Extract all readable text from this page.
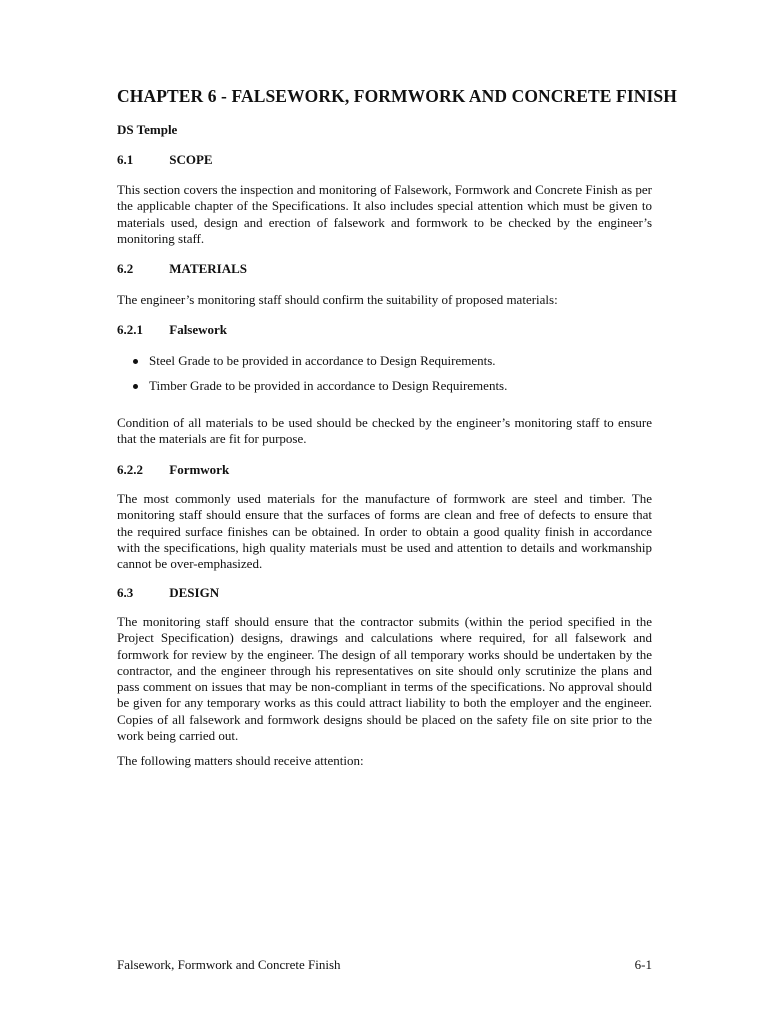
CHAPTER 6 - FALSEWORK, FORMWORK AND CONCRETE FINISH
DS Temple
6.1	SCOPE
This section covers the inspection and monitoring of Falsework, Formwork and Concrete Finish as per the applicable chapter of the Specifications. It also includes special attention which must be given to materials used, design and erection of falsework and formwork to be checked by the engineer’s monitoring staff.
6.2	MATERIALS
The engineer’s monitoring staff should confirm the suitability of proposed materials:
6.2.1 Falsework
Steel Grade to be provided in accordance to Design Requirements.
Timber Grade to be provided in accordance to Design Requirements.
Condition of all materials to be used should be checked by the engineer’s monitoring staff to ensure that the materials are fit for purpose.
6.2.2 Formwork
The most commonly used materials for the manufacture of formwork are steel and timber. The monitoring staff should ensure that the surfaces of forms are clean and free of defects to ensure that the required surface finishes can be obtained. In order to obtain a good quality finish in accordance with the specifications, high quality materials must be used and attention to details and workmanship cannot be over-emphasized.
6.3	DESIGN
The monitoring staff should ensure that the contractor submits (within the period specified in the Project Specification) designs, drawings and calculations where required, for all falsework and formwork for review by the engineer. The design of all temporary works should be undertaken by the contractor, and the engineer through his representatives on site should only scrutinize the plans and pass comment on issues that may be non-compliant in terms of the specifications. No approval should be given for any temporary works as this could attract liability to both the employer and the engineer. Copies of all falsework and formwork designs should be placed on the safety file on site prior to the work being carried out.
The following matters should receive attention:
Falsework, Formwork and Concrete Finish	6-1
